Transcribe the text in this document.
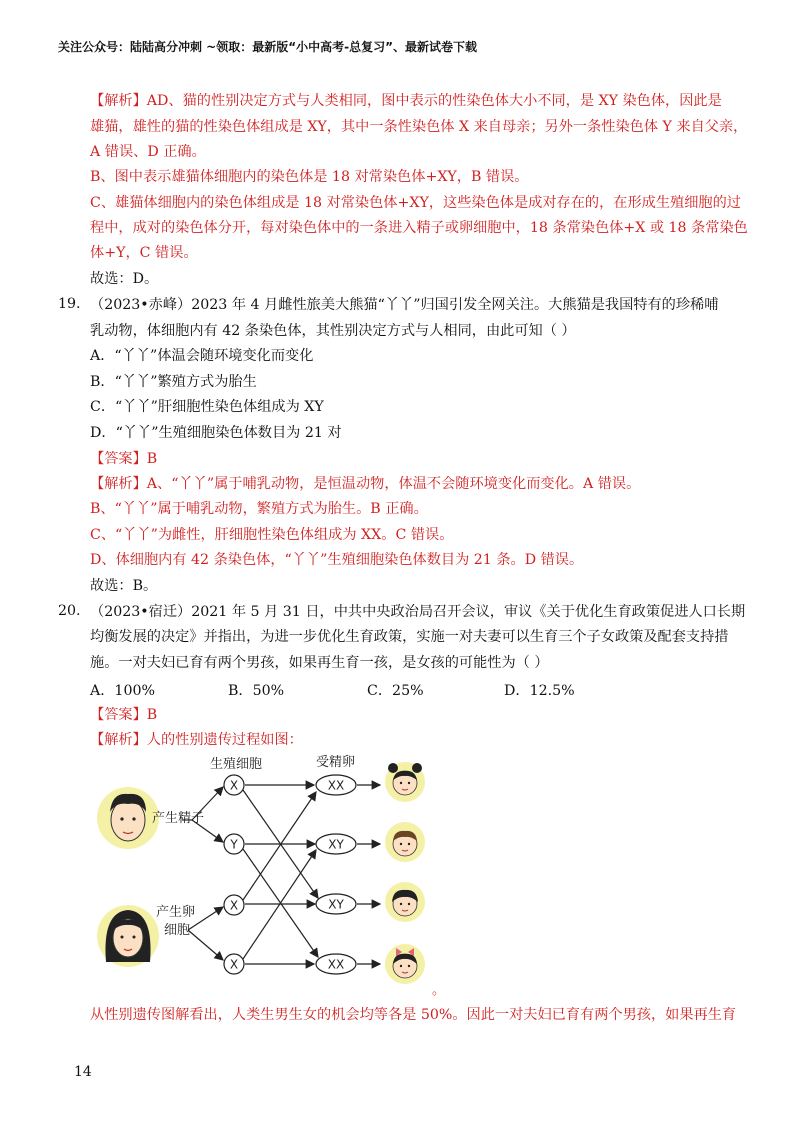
关注公众号：陆陆高分冲刺 ~领取：最新版“小中高考-总复习”、最新试卷下载
【解析】AD、猫的性别决定方式与人类相同，图中表示的性染色体大小不同，是 XY 染色体，因此是
雄猫，雄性的猫的性染色体组成是 XY，其中一条性染色体 X 来自母亲；另外一条性染色体 Y 来自父亲，
A 错误、D 正确。
B、图中表示雄猫体细胞内的染色体是 18 对常染色体+XY，B 错误。
C、雄猫体细胞内的染色体组成是 18 对常染色体+XY，这些染色体是成对存在的，在形成生殖细胞的过
程中，成对的染色体分开，每对染色体中的一条进入精子或卵细胞中，18 条常染色体+X 或 18 条常染色
体+Y，C 错误。
故选：D。
19. （2023•赤峰）2023 年 4 月雌性旅美大熊猫“丫丫”归国引发全网关注。大熊猫是我国特有的珍稀哺
乳动物，体细胞内有 42 条染色体，其性别决定方式与人相同，由此可知（ ）
A．“丫丫”体温会随环境变化而变化
B．“丫丫”繁殖方式为胎生
C．“丫丫”肝细胞性染色体组成为 XY
D．“丫丫”生殖细胞染色体数目为 21 对
【答案】B
【解析】A、“丫丫”属于哺乳动物，是恒温动物，体温不会随环境变化而变化。A 错误。
B、“丫丫”属于哺乳动物，繁殖方式为胎生。B 正确。
C、“丫丫”为雌性，肝细胞性染色体组成为 XX。C 错误。
D、体细胞内有 42 条染色体，“丫丫”生殖细胞染色体数目为 21 条。D 错误。
故选：B。
20. （2023•宿迁）2021 年 5 月 31 日，中共中央政治局召开会议，审议《关于优化生育政策促进人口长期
均衡发展的决定》并指出，为进一步优化生育政策，实施一对夫妻可以生育三个子女政策及配套支持措
施。一对夫妇已育有两个男孩，如果再生育一孩，是女孩的可能性为（ ）
A．100%	B．50%	C．25%	D．12.5%
【答案】B
【解析】人的性别遗传过程如图：
生殖细胞	受精卵
产生精子
产生卵
细胞
X
Y
X
X
XX
XY
XY
XX
。
从性别遗传图解看出，人类生男生女的机会均等各是 50%。因此一对夫妇已育有两个男孩，如果再生育
14
